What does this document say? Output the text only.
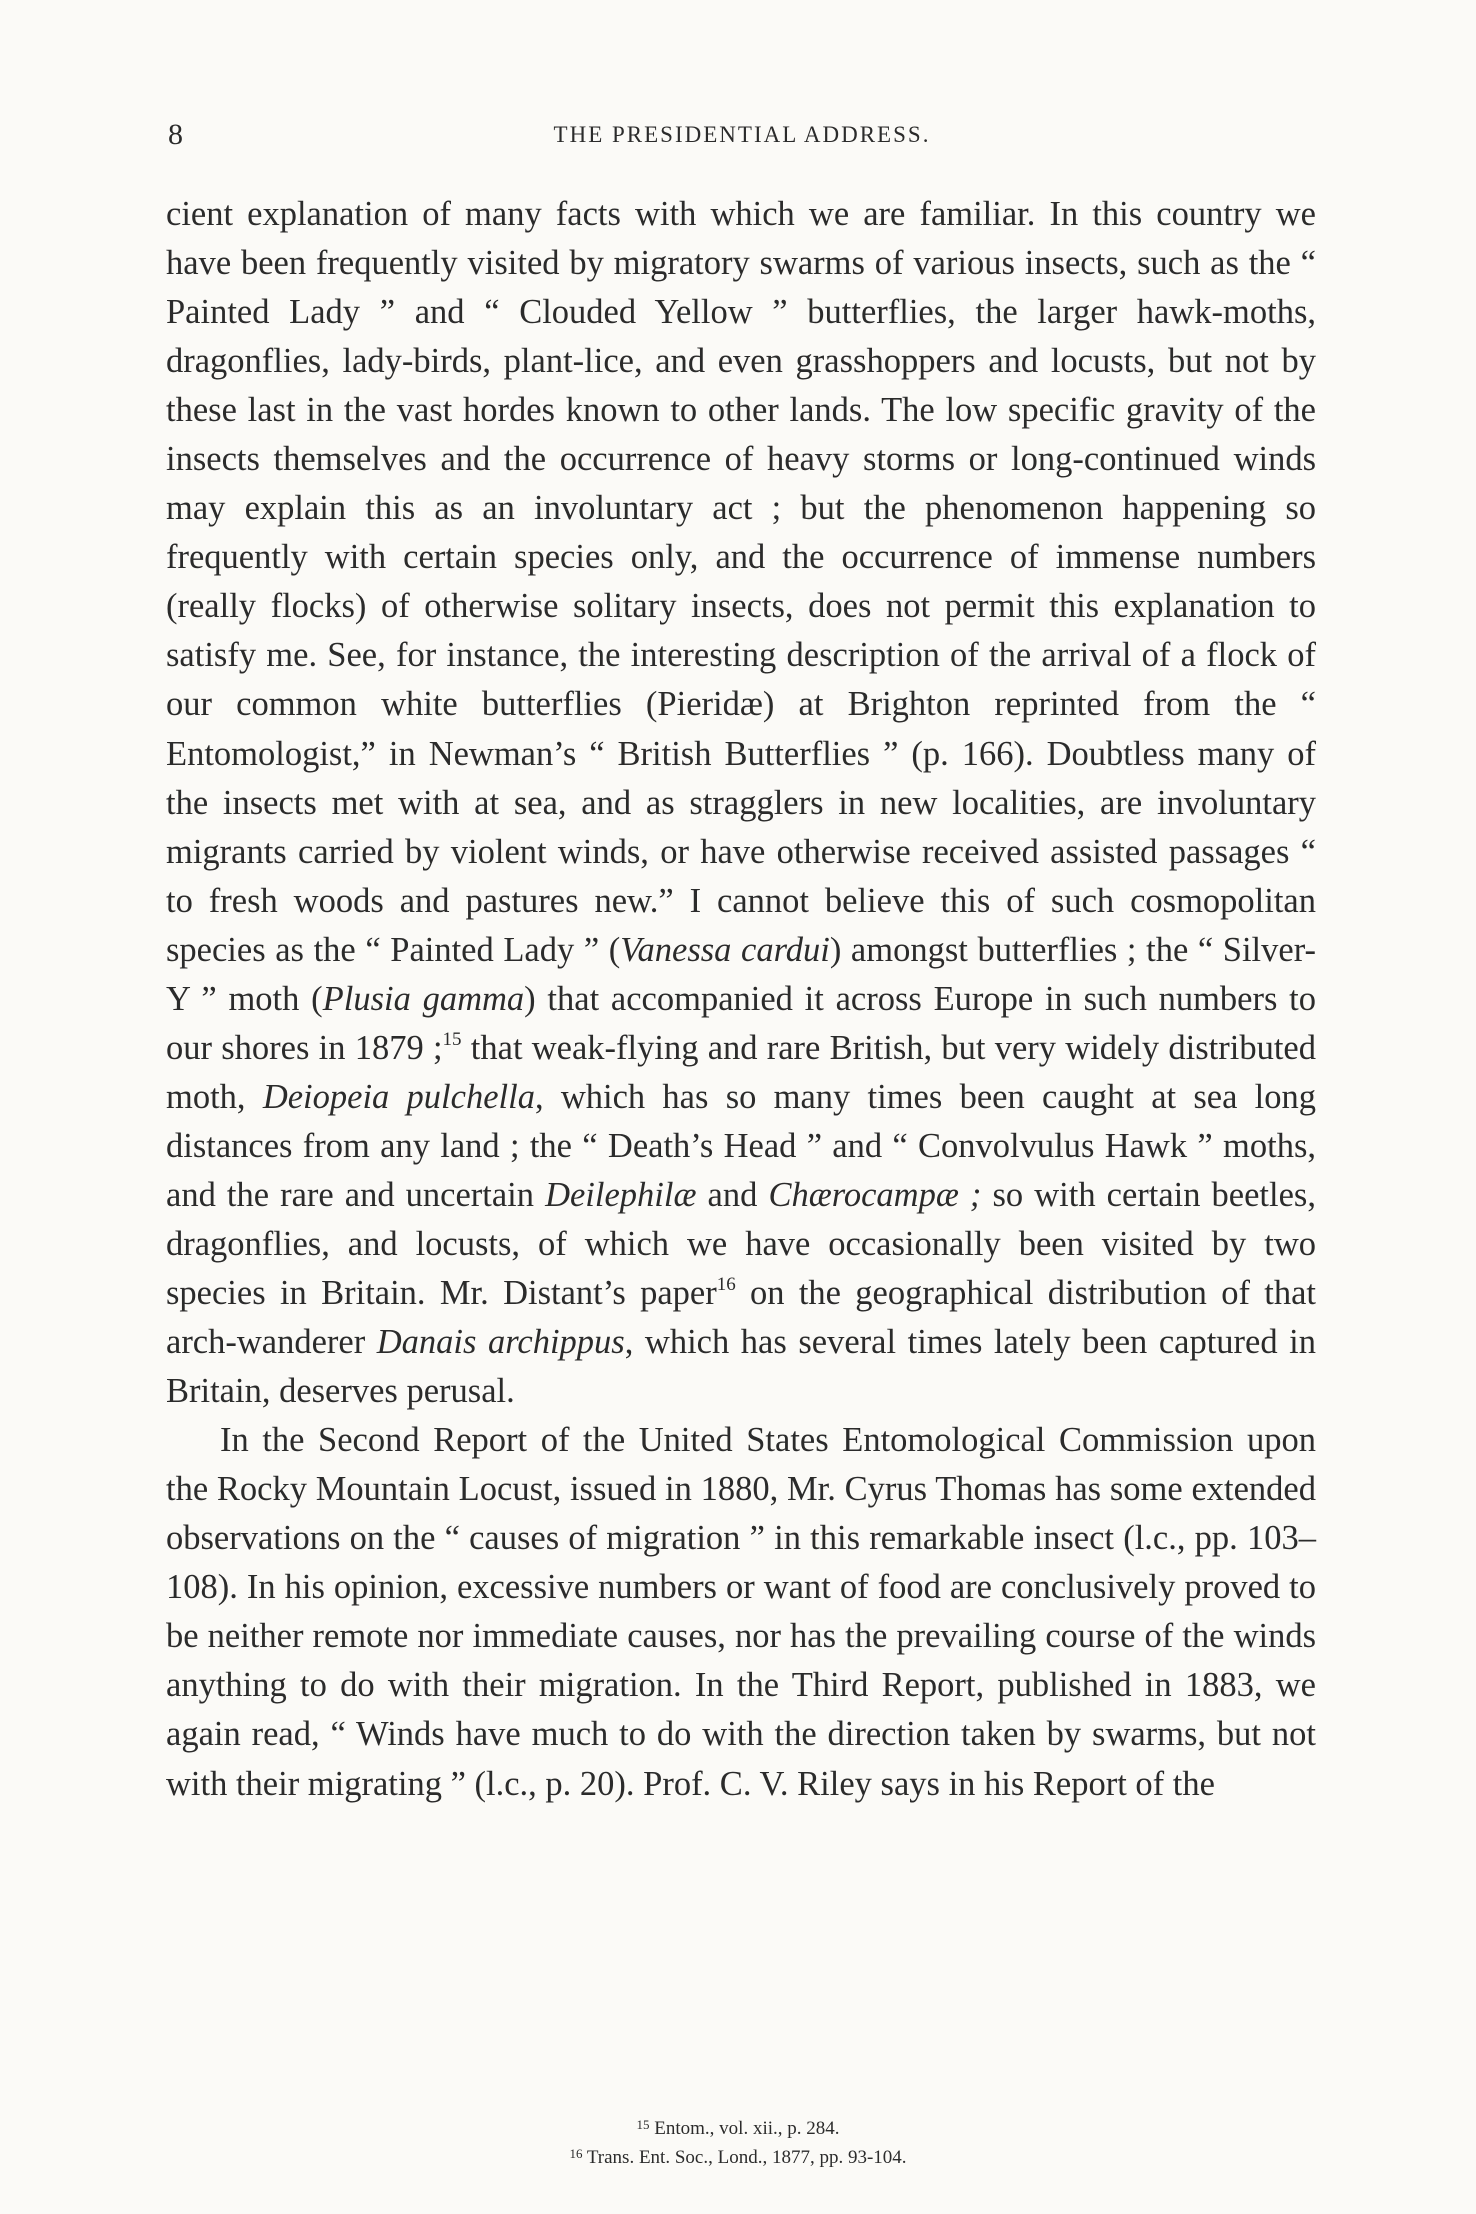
8	THE PRESIDENTIAL ADDRESS.

cient explanation of many facts with which we are familiar. In this country we have been frequently visited by migratory swarms of various insects, such as the “ Painted Lady ” and “ Clouded Yellow ” butterflies, the larger hawk-moths, dragonflies, lady-birds, plant-lice, and even grasshoppers and locusts, but not by these last in the vast hordes known to other lands. The low specific gravity of the insects themselves and the occurrence of heavy storms or long-continued winds may explain this as an involuntary act ; but the phenomenon happening so frequently with certain species only, and the occurrence of immense numbers (really flocks) of otherwise solitary insects, does not permit this explanation to satisfy me. See, for instance, the interesting description of the arrival of a flock of our common white butterflies (Pieridæ) at Brighton reprinted from the “ Entomologist,” in Newman’s “ British Butterflies ” (p. 166). Doubtless many of the insects met with at sea, and as stragglers in new localities, are involuntary migrants carried by violent winds, or have otherwise received assisted passages “ to fresh woods and pastures new.” I cannot believe this of such cosmopolitan species as the “ Painted Lady ” (Vanessa cardui) amongst butterflies ; the “ Silver-Y ” moth (Plusia gamma) that accompanied it across Europe in such numbers to our shores in 1879 ;$^{15}$ that weak-flying and rare British, but very widely distributed moth, Deiopeia pulchella, which has so many times been caught at sea long distances from any land ; the “ Death’s Head ” and “ Convolvulus Hawk ” moths, and the rare and uncertain Deilephilæ and Chærocampæ ; so with certain beetles, dragonflies, and locusts, of which we have occasionally been visited by two species in Britain. Mr. Distant’s paper$^{16}$ on the geographical distribution of that arch-wanderer Danais archippus, which has several times lately been captured in Britain, deserves perusal.

In the Second Report of the United States Entomological Commission upon the Rocky Mountain Locust, issued in 1880, Mr. Cyrus Thomas has some extended observations on the “ causes of migration ” in this remarkable insect (l.c., pp. 103–108). In his opinion, excessive numbers or want of food are conclusively proved to be neither remote nor immediate causes, nor has the prevailing course of the winds anything to do with their migration. In the Third Report, published in 1883, we again read, “ Winds have much to do with the direction taken by swarms, but not with their migrating ” (l.c., p. 20). Prof. C. V. Riley says in his Report of the

$^{15}$ Entom., vol. xii., p. 284.
$^{16}$ Trans. Ent. Soc., Lond., 1877, pp. 93-104.
